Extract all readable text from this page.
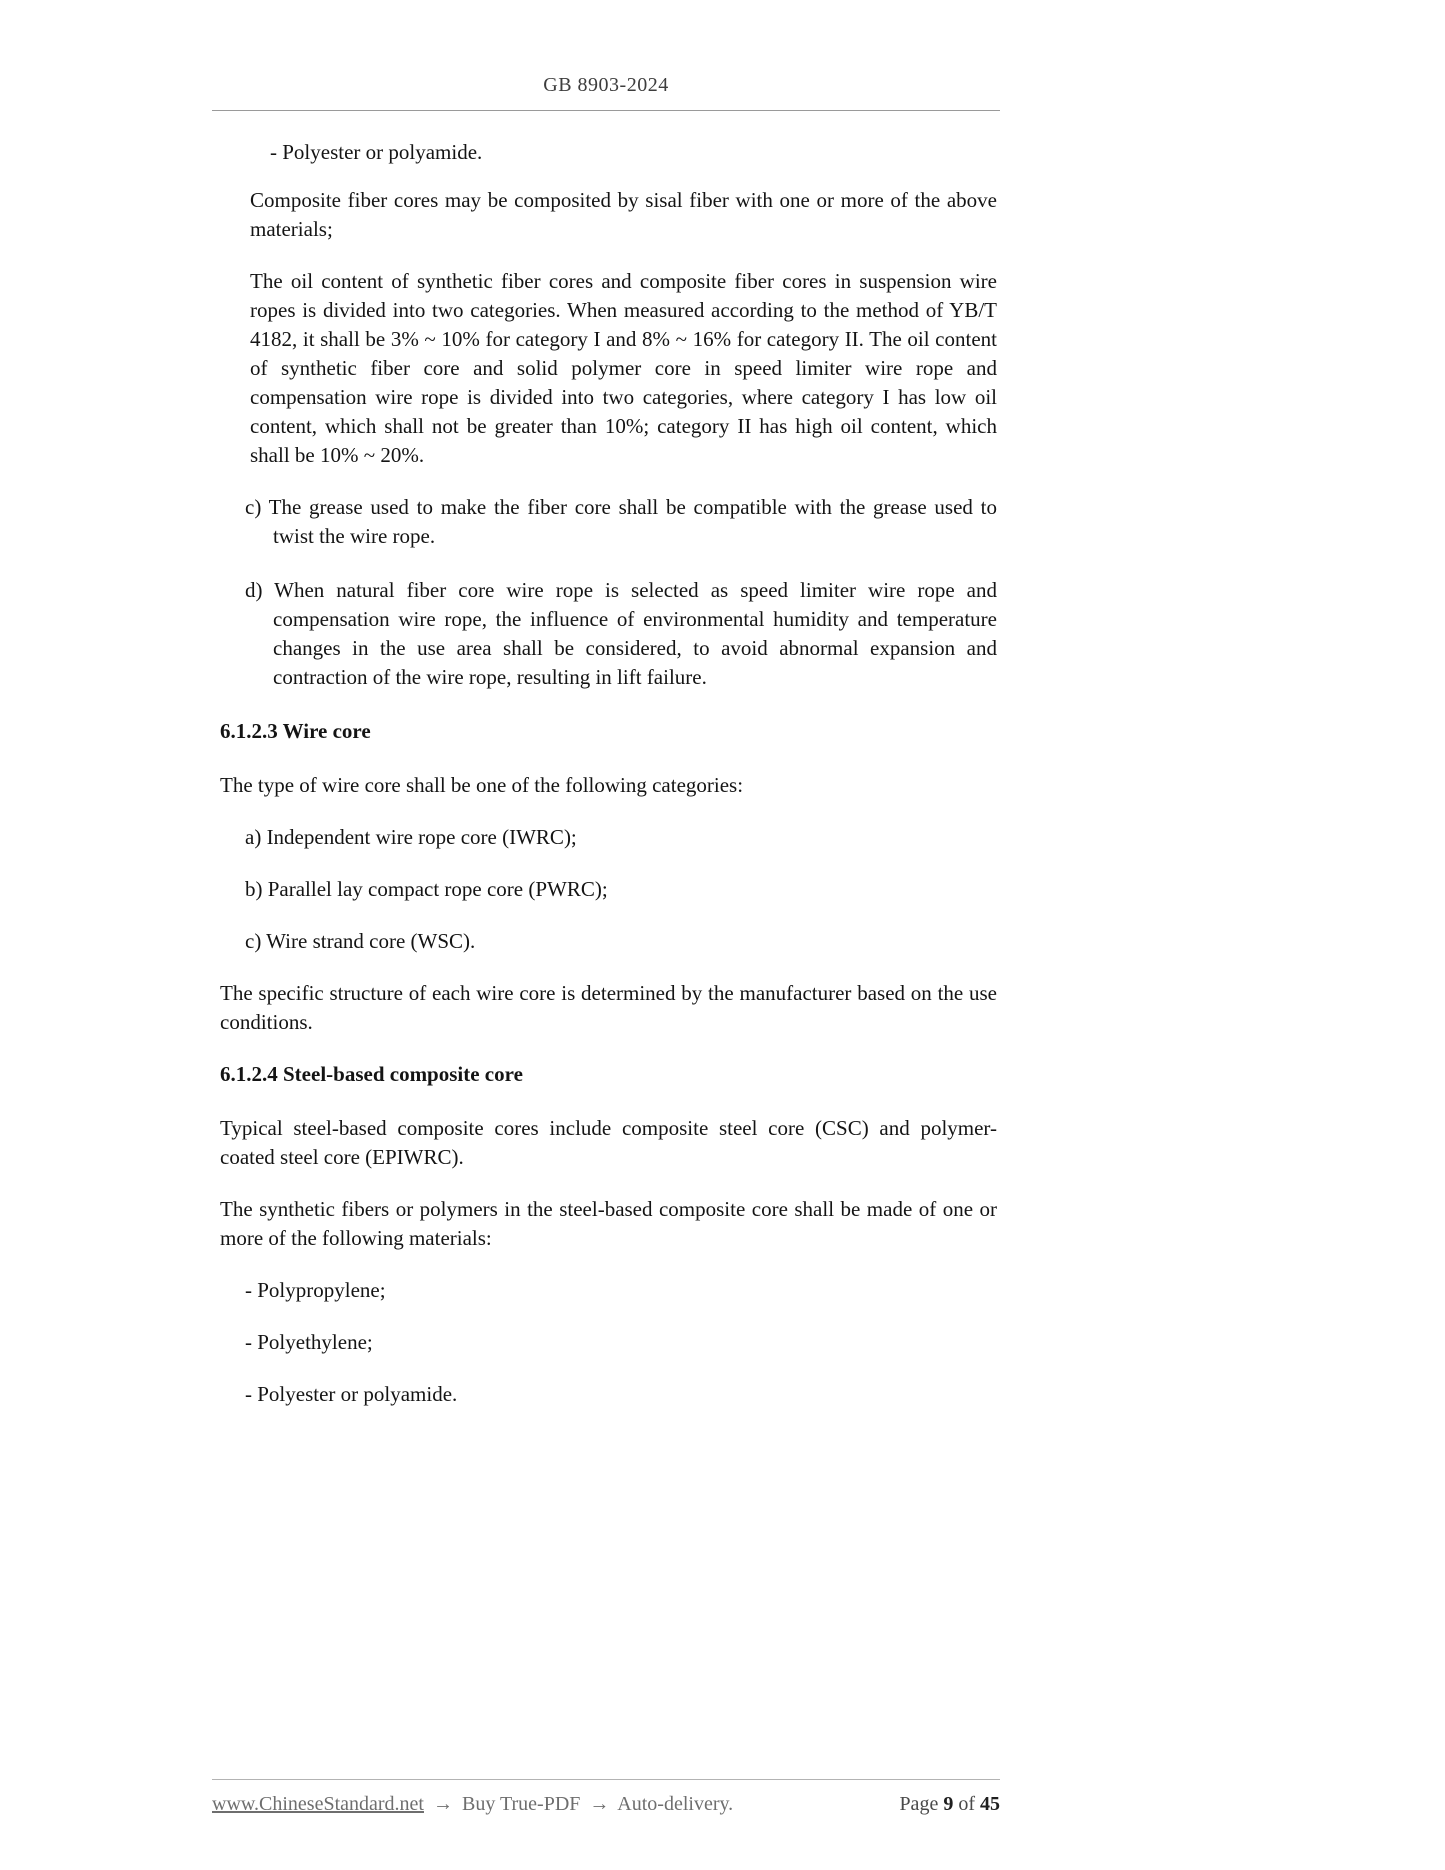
GB 8903-2024

- Polyester or polyamide.

Composite fiber cores may be composited by sisal fiber with one or more of the above materials;

The oil content of synthetic fiber cores and composite fiber cores in suspension wire ropes is divided into two categories. When measured according to the method of YB/T 4182, it shall be 3% ~ 10% for category I and 8% ~ 16% for category II. The oil content of synthetic fiber core and solid polymer core in speed limiter wire rope and compensation wire rope is divided into two categories, where category I has low oil content, which shall not be greater than 10%; category II has high oil content, which shall be 10% ~ 20%.

c) The grease used to make the fiber core shall be compatible with the grease used to twist the wire rope.

d) When natural fiber core wire rope is selected as speed limiter wire rope and compensation wire rope, the influence of environmental humidity and temperature changes in the use area shall be considered, to avoid abnormal expansion and contraction of the wire rope, resulting in lift failure.

6.1.2.3 Wire core

The type of wire core shall be one of the following categories:

a) Independent wire rope core (IWRC);

b) Parallel lay compact rope core (PWRC);

c) Wire strand core (WSC).

The specific structure of each wire core is determined by the manufacturer based on the use conditions.

6.1.2.4 Steel-based composite core

Typical steel-based composite cores include composite steel core (CSC) and polymer-coated steel core (EPIWRC).

The synthetic fibers or polymers in the steel-based composite core shall be made of one or more of the following materials:

- Polypropylene;

- Polyethylene;

- Polyester or polyamide.

www.ChineseStandard.net → Buy True-PDF → Auto-delivery.	Page 9 of 45
